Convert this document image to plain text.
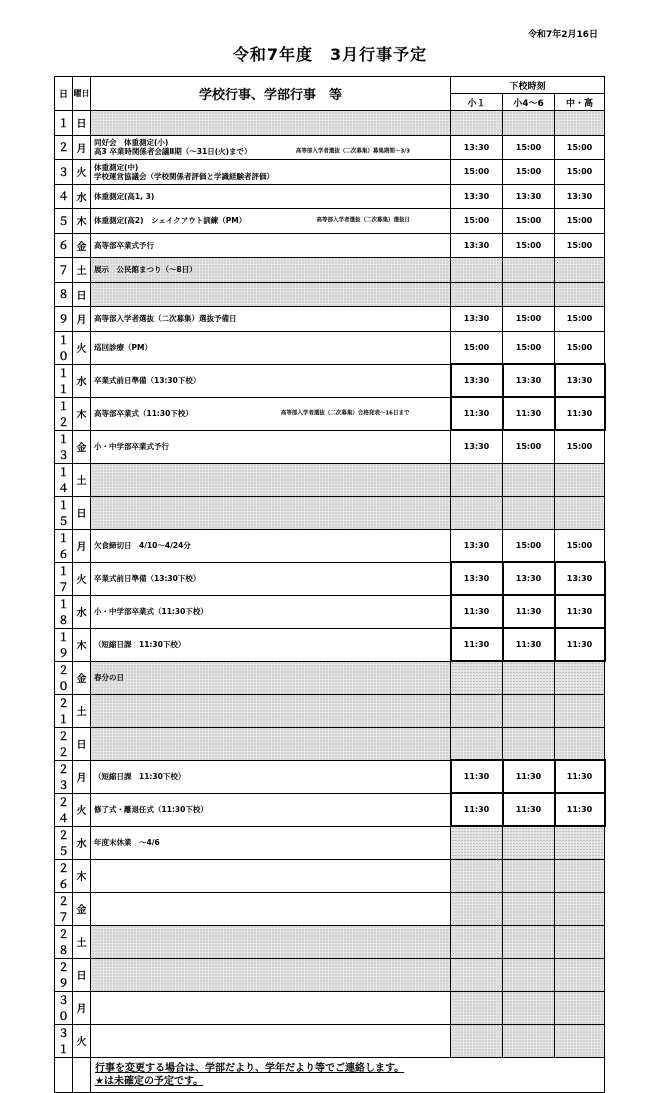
令和7年2月16日
令和7年度　3月行事予定
日	曜日	学校行事、学部行事　等	下校時刻		
			小１	小4～6	中・高
１	日				
２	月	同好会　体重測定(小)
高3 卒業時関係者会議Ⅱ期（～31日(火)まで） 高等部入学者選抜（二次募集）募集期間～3/3	13:30	15:00	15:00
３	火	体重測定(中)
学校運営協議会（学校関係者評価と学識経験者評価）	15:00	15:00	15:00
４	水	体重測定(高1, 3)	13:30	13:30	13:30
５	木	体重測定(高2)　シェイクアウト訓練（PM） 高等部入学者選抜（二次募集）選抜日	15:00	15:00	15:00
６	金	高等部卒業式予行	13:30	15:00	15:00
７	土	展示　公民館まつり（～8日）			

８	日				
９	月	高等部入学者選抜（二次募集）選抜予備日	13:30	15:00	15:00
１０	火	巡回診療（PM）	15:00	15:00	15:00
１１	水	卒業式前日準備（13:30下校）	13:30	13:30	13:30
１２	木	高等部卒業式（11:30下校） 高等部入学者選抜（二次募集）合格発表～16日まで	11:30	11:30	11:30
１３	金	小・中学部卒業式予行	13:30	15:00	15:00
１４	土				
１５	日				
１６	月	欠食締切日　4/10～4/24分	13:30	15:00	15:00
１７	火	卒業式前日準備（13:30下校）	13:30	13:30	13:30
１８	水	小・中学部卒業式（11:30下校）	11:30	11:30	11:30
１９	木	（短縮日課　11:30下校）	11:30	11:30	11:30
２０	金	春分の日			

２１	土				
２２	日				
２３	月	（短縮日課　11:30下校）	11:30	11:30	11:30
２４	火	修了式・離退任式（11:30下校）	11:30	11:30	11:30
２５	水	年度末休業　～4/6			

２６	木				
２７	金				
２８	土				
２９	日				
３０	月				
３１	火				

		行事を変更する場合は、学部だより、学年だより等でご連絡します。
★は未確定の予定です。			
